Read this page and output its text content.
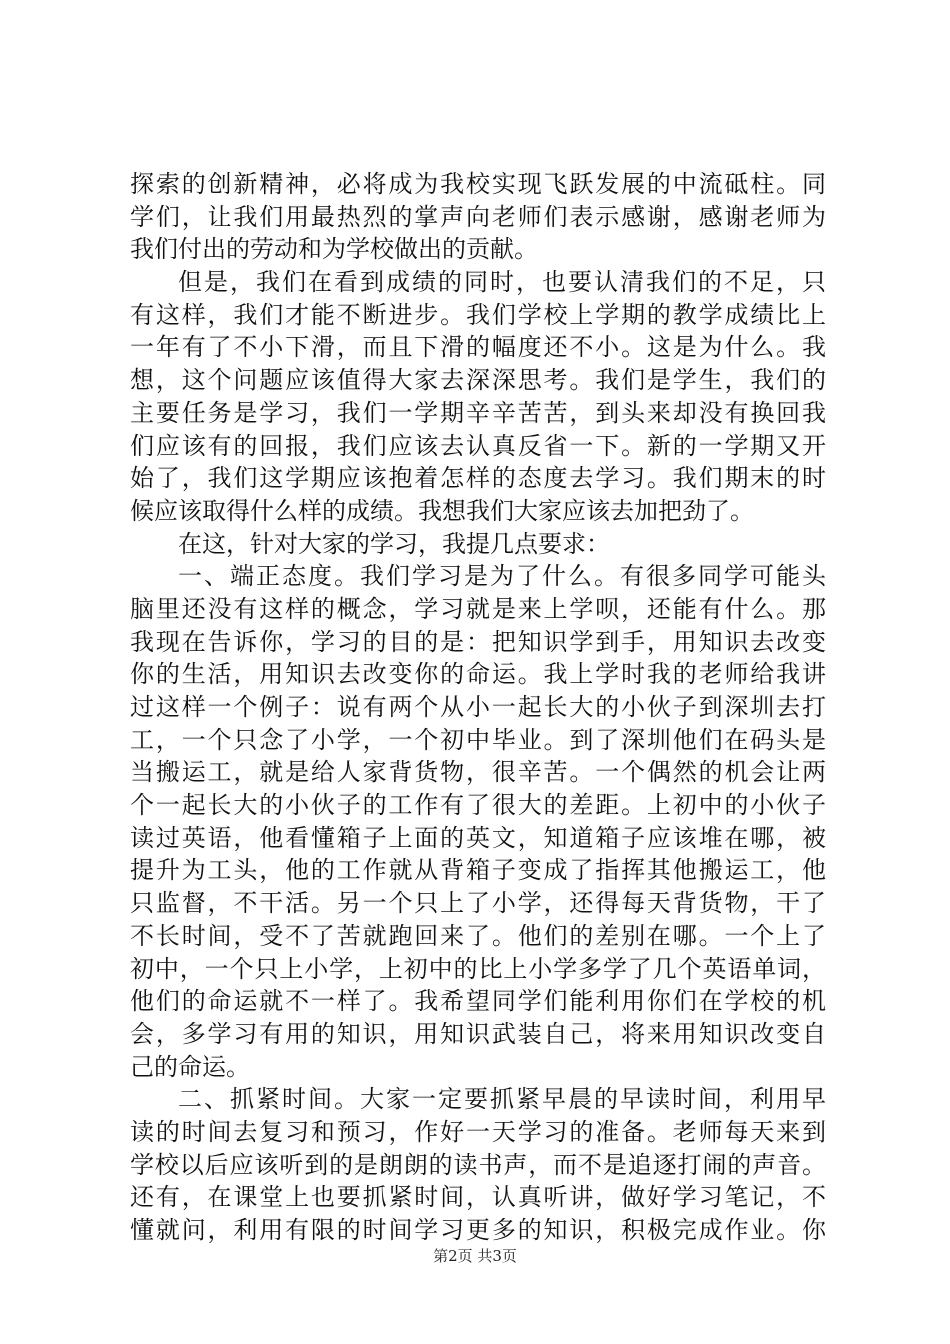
探索的创新精神，必将成为我校实现飞跃发展的中流砥柱。同
学们，让我们用最热烈的掌声向老师们表示感谢，感谢老师为
我们付出的劳动和为学校做出的贡献。
但是，我们在看到成绩的同时，也要认清我们的不足，只
有这样，我们才能不断进步。我们学校上学期的教学成绩比上
一年有了不小下滑，而且下滑的幅度还不小。这是为什么。我
想，这个问题应该值得大家去深深思考。我们是学生，我们的
主要任务是学习，我们一学期辛辛苦苦，到头来却没有换回我
们应该有的回报，我们应该去认真反省一下。新的一学期又开
始了，我们这学期应该抱着怎样的态度去学习。我们期末的时
候应该取得什么样的成绩。我想我们大家应该去加把劲了。
在这，针对大家的学习，我提几点要求：
一、端正态度。我们学习是为了什么。有很多同学可能头
脑里还没有这样的概念，学习就是来上学呗，还能有什么。那
我现在告诉你，学习的目的是：把知识学到手，用知识去改变
你的生活，用知识去改变你的命运。我上学时我的老师给我讲
过这样一个例子：说有两个从小一起长大的小伙子到深圳去打
工，一个只念了小学，一个初中毕业。到了深圳他们在码头是
当搬运工，就是给人家背货物，很辛苦。一个偶然的机会让两
个一起长大的小伙子的工作有了很大的差距。上初中的小伙子
读过英语，他看懂箱子上面的英文，知道箱子应该堆在哪，被
提升为工头，他的工作就从背箱子变成了指挥其他搬运工，他
只监督，不干活。另一个只上了小学，还得每天背货物，干了
不长时间，受不了苦就跑回来了。他们的差别在哪。一个上了
初中，一个只上小学，上初中的比上小学多学了几个英语单词，
他们的命运就不一样了。我希望同学们能利用你们在学校的机
会，多学习有用的知识，用知识武装自己，将来用知识改变自
己的命运。
二、抓紧时间。大家一定要抓紧早晨的早读时间，利用早
读的时间去复习和预习，作好一天学习的准备。老师每天来到
学校以后应该听到的是朗朗的读书声，而不是追逐打闹的声音。
还有，在课堂上也要抓紧时间，认真听讲，做好学习笔记，不
懂就问，利用有限的时间学习更多的知识，积极完成作业。你
第2页 共3页
